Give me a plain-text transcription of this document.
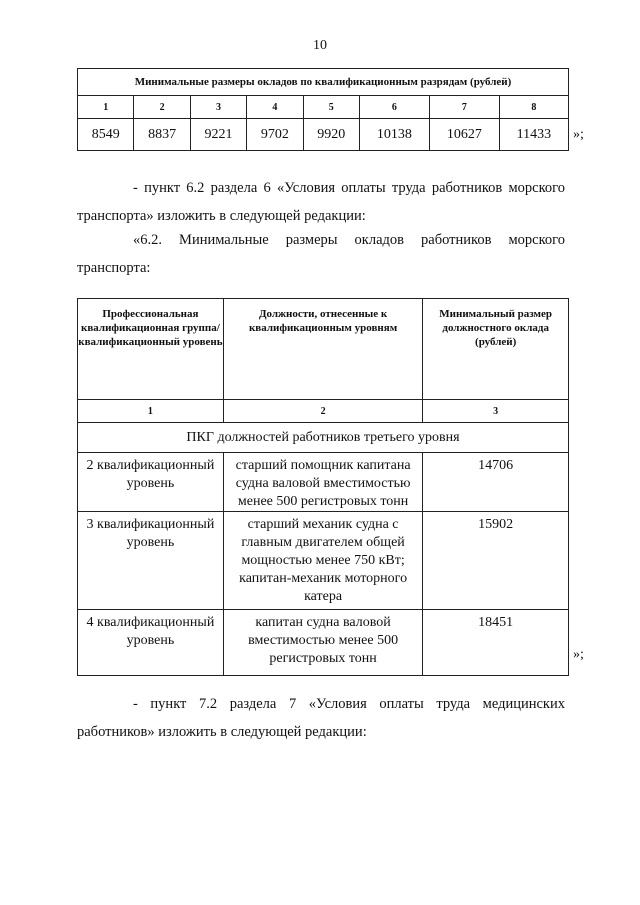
10
Минимальные размеры окладов по квалификационным разрядам (рублей)							
1	2	3	4	5	6	7	8
8549	8837	9221	9702	9920	10138	10627	11433 »;
- пункт 6.2 раздела 6 «Условия оплаты труда работников морского
транспорта» изложить в следующей редакции:
«6.2. Минимальные размеры окладов работников морского
транспорта:
Профессиональная квалификационная группа/ квалификационный уровень	Должности, отнесенные к квалификационным уровням	Минимальный размер должностного оклада (рублей)
1	2	3
ПКГ должностей работников третьего уровня		
2 квалификационный уровень	старший помощник капитана судна валовой вместимостью менее 500 регистровых тонн	14706
3 квалификационный уровень	старший механик судна с главным двигателем общей мощностью менее 750 кВт; капитан-механик моторного катера	15902
4 квалификационный уровень	капитан судна валовой вместимостью менее 500 регистровых тонн	18451
»;
- пункт 7.2 раздела 7 «Условия оплаты труда медицинских
работников» изложить в следующей редакции:
